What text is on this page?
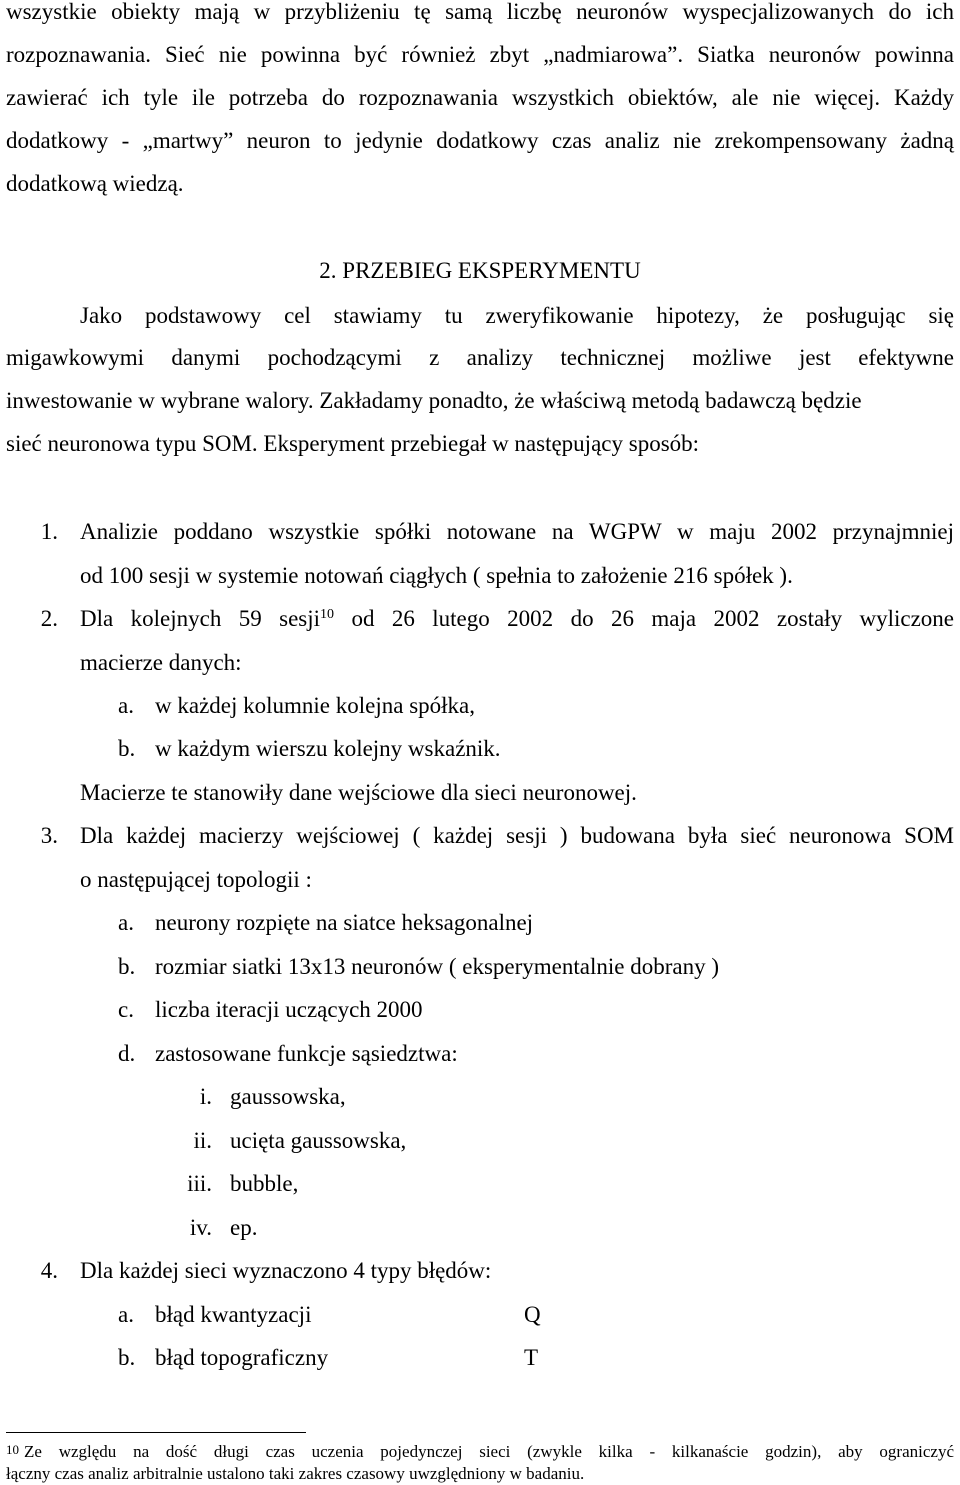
wszystkie obiekty mają w przybliżeniu tę samą liczbę neuronów wyspecjalizowanych do ich
rozpoznawania. Sieć nie powinna być również zbyt „nadmiarowa”. Siatka neuronów powinna
zawierać ich tyle ile potrzeba do rozpoznawania wszystkich obiektów, ale nie więcej. Każdy
dodatkowy - „martwy” neuron to jedynie dodatkowy czas analiz nie zrekompensowany żadną
dodatkową wiedzą.
2. PRZEBIEG EKSPERYMENTU
Jako podstawowy cel stawiamy tu zweryfikowanie hipotezy, że posługując się
migawkowymi danymi pochodzącymi z analizy technicznej możliwe jest efektywne
inwestowanie w wybrane walory. Zakładamy ponadto, że właściwą metodą badawczą będzie
sieć neuronowa typu SOM. Eksperyment przebiegał w następujący sposób:
1. Analizie poddano wszystkie spółki notowane na WGPW w maju 2002 przynajmniej
od 100 sesji w systemie notowań ciągłych ( spełnia to założenie 216 spółek ).
2. Dla kolejnych 59 sesji$^{10}$ od 26 lutego 2002 do 26 maja 2002 zostały wyliczone
macierze danych:
a. w każdej kolumnie kolejna spółka,
b. w każdym wierszu kolejny wskaźnik.
Macierze te stanowiły dane wejściowe dla sieci neuronowej.
3. Dla każdej macierzy wejściowej ( każdej sesji ) budowana była sieć neuronowa SOM
o następującej topologii :
a. neurony rozpięte na siatce heksagonalnej
b. rozmiar siatki 13x13 neuronów ( eksperymentalnie dobrany )
c. liczba iteracji uczących 2000
d. zastosowane funkcje sąsiedztwa:
i. gaussowska,
ii. ucięta gaussowska,
iii. bubble,
iv. ep.
4. Dla każdej sieci wyznaczono 4 typy błędów:
a. błąd kwantyzacji	Q
b. błąd topograficzny	T
10 Ze względu na dość długi czas uczenia pojedynczej sieci (zwykle kilka - kilkanaście godzin), aby ograniczyć
łączny czas analiz arbitralnie ustalono taki zakres czasowy uwzględniony w badaniu.
